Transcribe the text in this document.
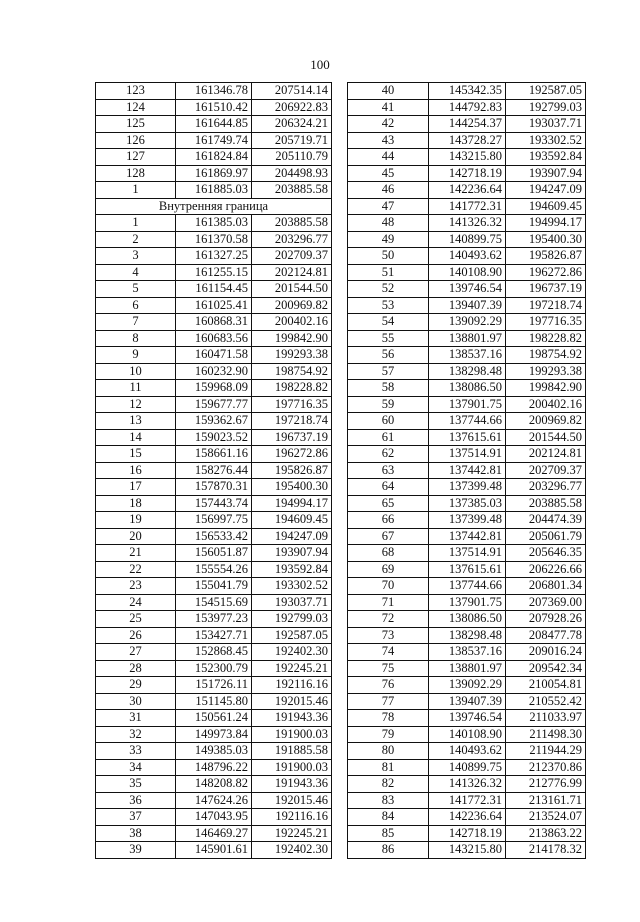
100
123	161346.78	207514.14
124	161510.42	206922.83
125	161644.85	206324.21
126	161749.74	205719.71
127	161824.84	205110.79
128	161869.97	204498.93
1	161885.03	203885.58
Внутренняя граница		
1	161385.03	203885.58
2	161370.58	203296.77
3	161327.25	202709.37
4	161255.15	202124.81
5	161154.45	201544.50
6	161025.41	200969.82
7	160868.31	200402.16
8	160683.56	199842.90
9	160471.58	199293.38
10	160232.90	198754.92
11	159968.09	198228.82
12	159677.77	197716.35
13	159362.67	197218.74
14	159023.52	196737.19
15	158661.16	196272.86
16	158276.44	195826.87
17	157870.31	195400.30
18	157443.74	194994.17
19	156997.75	194609.45
20	156533.42	194247.09
21	156051.87	193907.94
22	155554.26	193592.84
23	155041.79	193302.52
24	154515.69	193037.71
25	153977.23	192799.03
26	153427.71	192587.05
27	152868.45	192402.30
28	152300.79	192245.21
29	151726.11	192116.16
30	151145.80	192015.46
31	150561.24	191943.36
32	149973.84	191900.03
33	149385.03	191885.58
34	148796.22	191900.03
35	148208.82	191943.36
36	147624.26	192015.46
37	147043.95	192116.16
38	146469.27	192245.21
39	145901.61	192402.30
40	145342.35	192587.05
41	144792.83	192799.03
42	144254.37	193037.71
43	143728.27	193302.52
44	143215.80	193592.84
45	142718.19	193907.94
46	142236.64	194247.09
47	141772.31	194609.45
48	141326.32	194994.17
49	140899.75	195400.30
50	140493.62	195826.87
51	140108.90	196272.86
52	139746.54	196737.19
53	139407.39	197218.74
54	139092.29	197716.35
55	138801.97	198228.82
56	138537.16	198754.92
57	138298.48	199293.38
58	138086.50	199842.90
59	137901.75	200402.16
60	137744.66	200969.82
61	137615.61	201544.50
62	137514.91	202124.81
63	137442.81	202709.37
64	137399.48	203296.77
65	137385.03	203885.58
66	137399.48	204474.39
67	137442.81	205061.79
68	137514.91	205646.35
69	137615.61	206226.66
70	137744.66	206801.34
71	137901.75	207369.00
72	138086.50	207928.26
73	138298.48	208477.78
74	138537.16	209016.24
75	138801.97	209542.34
76	139092.29	210054.81
77	139407.39	210552.42
78	139746.54	211033.97
79	140108.90	211498.30
80	140493.62	211944.29
81	140899.75	212370.86
82	141326.32	212776.99
83	141772.31	213161.71
84	142236.64	213524.07
85	142718.19	213863.22
86	143215.80	214178.32
